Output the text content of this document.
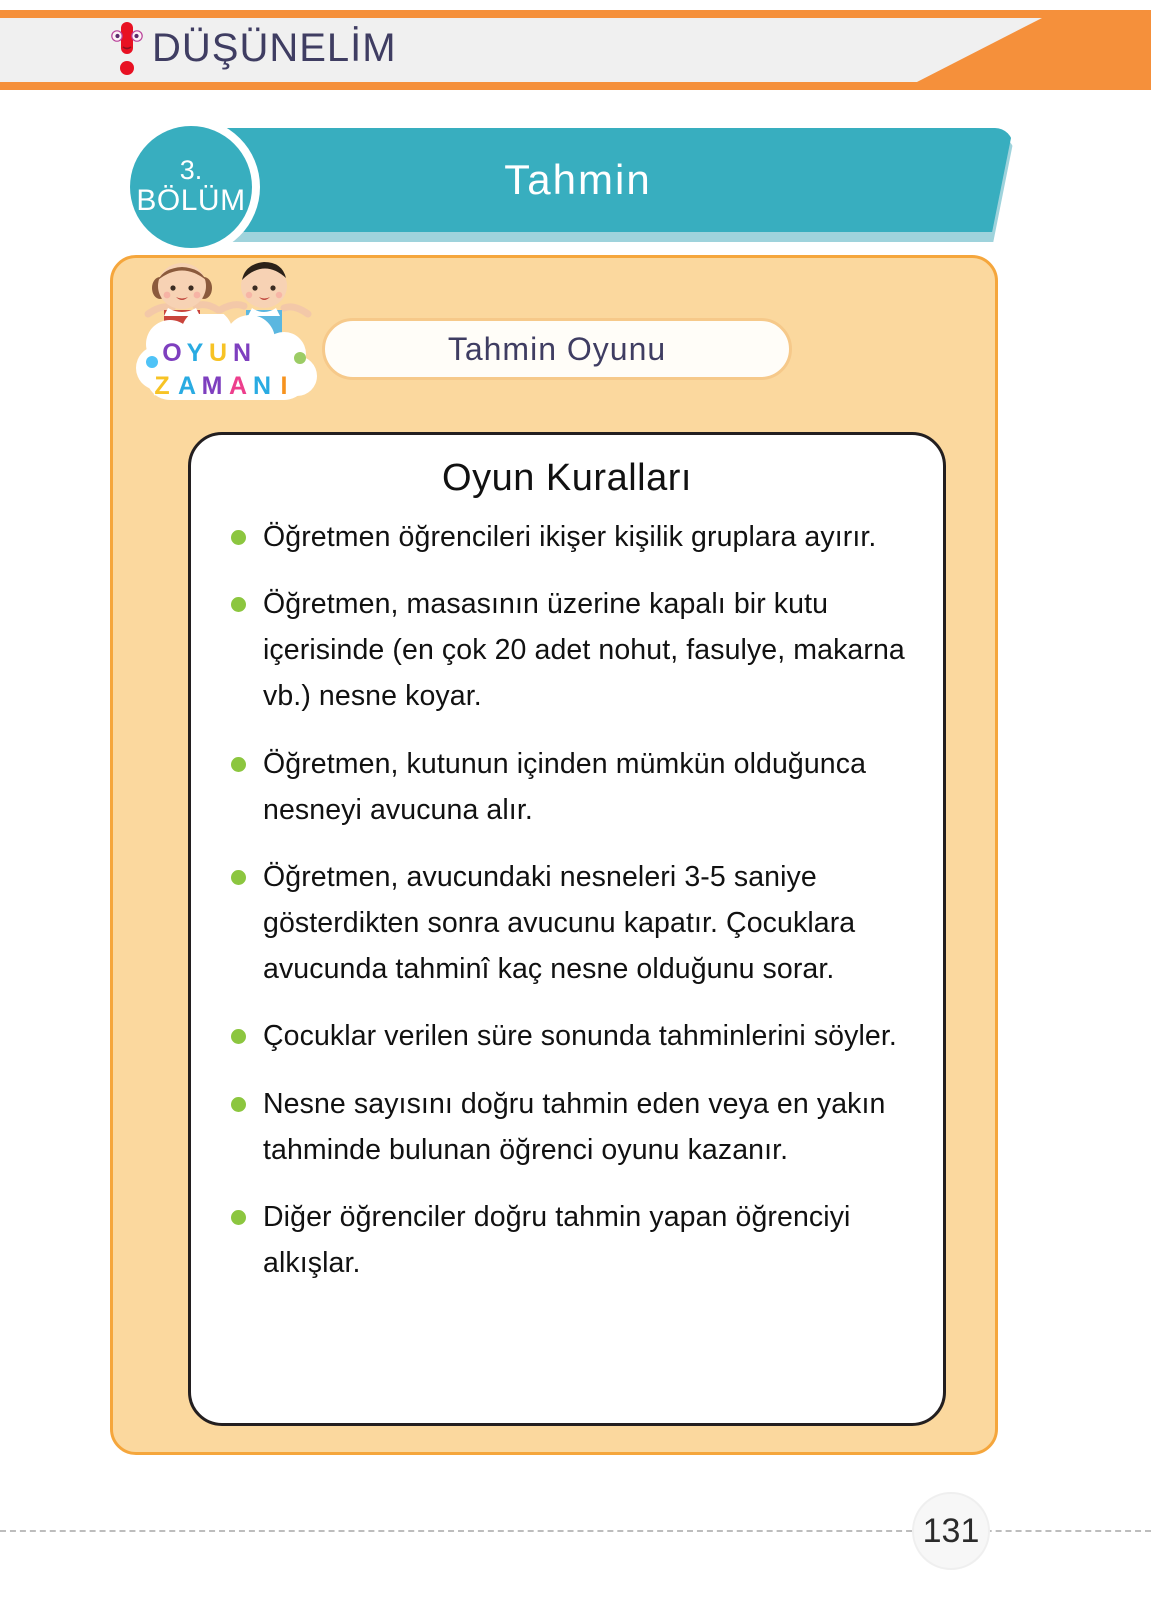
DÜŞÜNELİM
Tahmin
3.
BÖLÜM
O Y U N
Z A M A N I
Tahmin Oyunu
Oyun Kuralları
Öğretmen öğrencileri ikişer kişilik gruplara ayırır.
Öğretmen, masasının üzerine kapalı bir kutu içerisinde (en çok 20 adet nohut, fasulye, makarna vb.) nesne koyar.
Öğretmen, kutunun içinden mümkün olduğunca nesneyi avucuna alır.
Öğretmen, avucundaki nesneleri 3-5 saniye gösterdikten sonra avucunu kapatır. Çocuklara avucunda tahminî kaç nesne olduğunu sorar.
Çocuklar verilen süre sonunda tahminlerini söyler.
Nesne sayısını doğru tahmin eden veya en yakın tahminde bulunan öğrenci oyunu kazanır.
Diğer öğrenciler doğru tahmin yapan öğrenciyi alkışlar.
131
